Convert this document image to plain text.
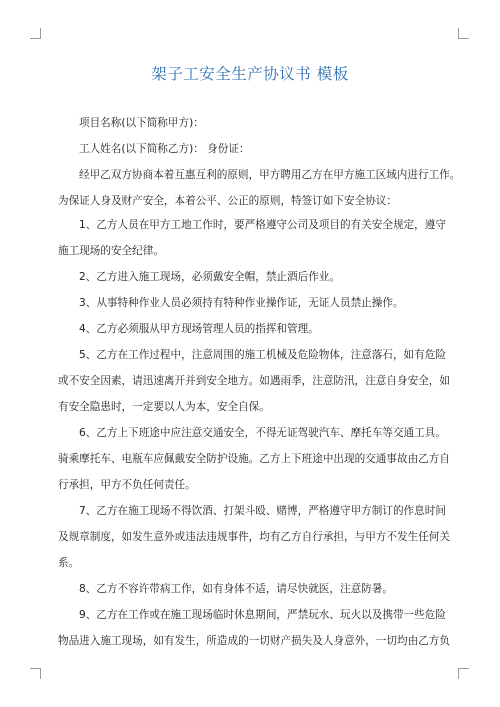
架子工安全生产协议书 模板
项目名称(以下简称甲方)：
工人姓名(以下简称乙方)： 身份证：
经甲乙双方协商本着互惠互利的原则，甲方聘用乙方在甲方施工区域内进行工作。
为保证人身及财产安全，本着公平、公正的原则，特签订如下安全协议：
1、乙方人员在甲方工地工作时，要严格遵守公司及项目的有关安全规定，遵守
施工现场的安全纪律。
2、乙方进入施工现场，必须戴安全帽，禁止酒后作业。
3、从事特种作业人员必须持有特种作业操作证，无证人员禁止操作。
4、乙方必须服从甲方现场管理人员的指挥和管理。
5、乙方在工作过程中，注意周围的施工机械及危险物体，注意落石，如有危险
或不安全因素，请迅速离开并到安全地方。如遇雨季，注意防汛，注意自身安全，如
有安全隐患时，一定要以人为本，安全自保。
6、乙方上下班途中应注意交通安全，不得无证驾驶汽车、摩托车等交通工具。
骑乘摩托车、电瓶车应佩戴安全防护设施。乙方上下班途中出现的交通事故由乙方自
行承担，甲方不负任何责任。
7、乙方在施工现场不得饮酒、打架斗殴、赌博，严格遵守甲方制订的作息时间
及规章制度，如发生意外或违法违规事件，均有乙方自行承担，与甲方不发生任何关
系。
8、乙方不容许带病工作，如有身体不适，请尽快就医，注意防暑。
9、乙方在工作或在施工现场临时休息期间，严禁玩水、玩火以及携带一些危险
物品进入施工现场，如有发生，所造成的一切财产损失及人身意外，一切均由乙方负
